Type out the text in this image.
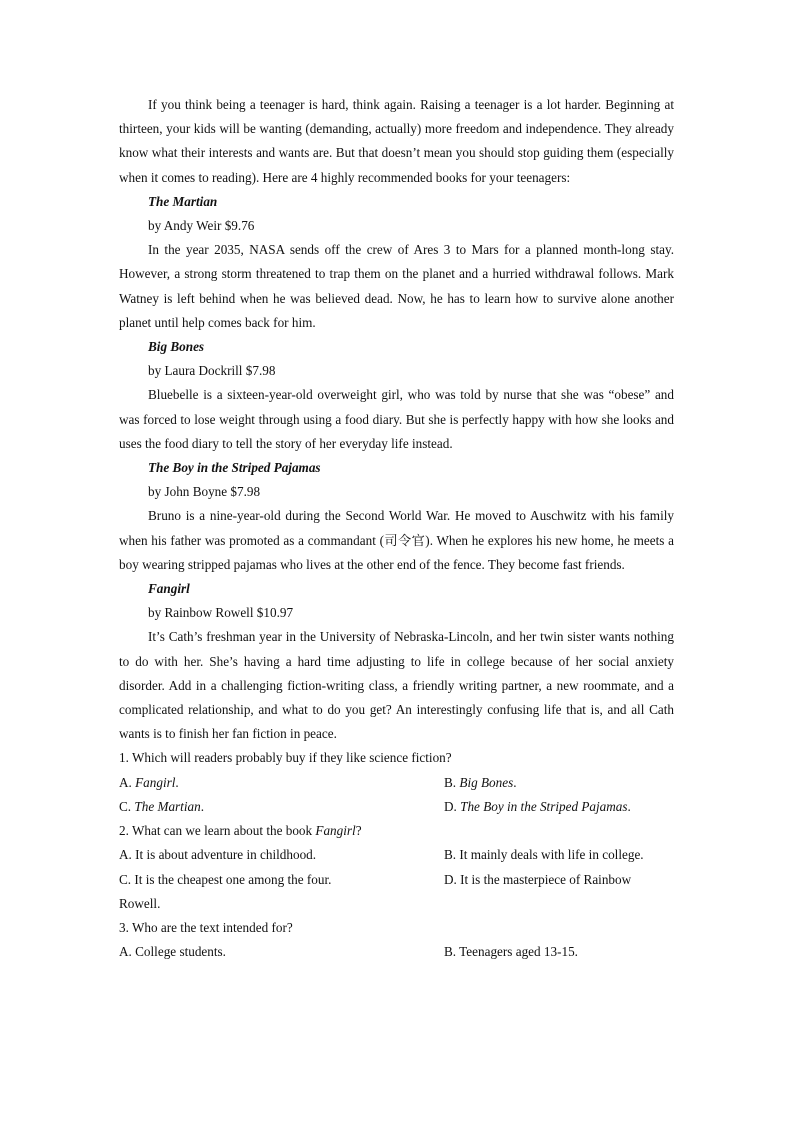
If you think being a teenager is hard, think again. Raising a teenager is a lot harder. Beginning at thirteen, your kids will be wanting (demanding, actually) more freedom and independence. They already know what their interests and wants are. But that doesn’t mean you should stop guiding them (especially when it comes to reading). Here are 4 highly recommended books for your teenagers:

The Martian

by Andy Weir $9.76

In the year 2035, NASA sends off the crew of Ares 3 to Mars for a planned month-long stay. However, a strong storm threatened to trap them on the planet and a hurried withdrawal follows. Mark Watney is left behind when he was believed dead. Now, he has to learn how to survive alone another planet until help comes back for him.

Big Bones

by Laura Dockrill $7.98

Bluebelle is a sixteen-year-old overweight girl, who was told by nurse that she was “obese” and was forced to lose weight through using a food diary. But she is perfectly happy with how she looks and uses the food diary to tell the story of her everyday life instead.

The Boy in the Striped Pajamas

by John Boyne $7.98

Bruno is a nine-year-old during the Second World War. He moved to Auschwitz with his family when his father was promoted as a commandant (司令官). When he explores his new home, he meets a boy wearing stripped pajamas who lives at the other end of the fence. They become fast friends.

Fangirl

by Rainbow Rowell $10.97

It’s Cath’s freshman year in the University of Nebraska-Lincoln, and her twin sister wants nothing to do with her. She’s having a hard time adjusting to life in college because of her social anxiety disorder. Add in a challenging fiction-writing class, a friendly writing partner, a new roommate, and a complicated relationship, and what to do you get? An interestingly confusing life that is, and all Cath wants is to finish her fan fiction in peace.

1. Which will readers probably buy if they like science fiction?

A. Fangirl.	B. Big Bones.
C. The Martian.	D. The Boy in the Striped Pajamas.

2. What can we learn about the book Fangirl?

A. It is about adventure in childhood.	B. It mainly deals with life in college.
C. It is the cheapest one among the four.	D. It is the masterpiece of Rainbow

Rowell.

3. Who are the text intended for?

A. College students.	B. Teenagers aged 13-15.
